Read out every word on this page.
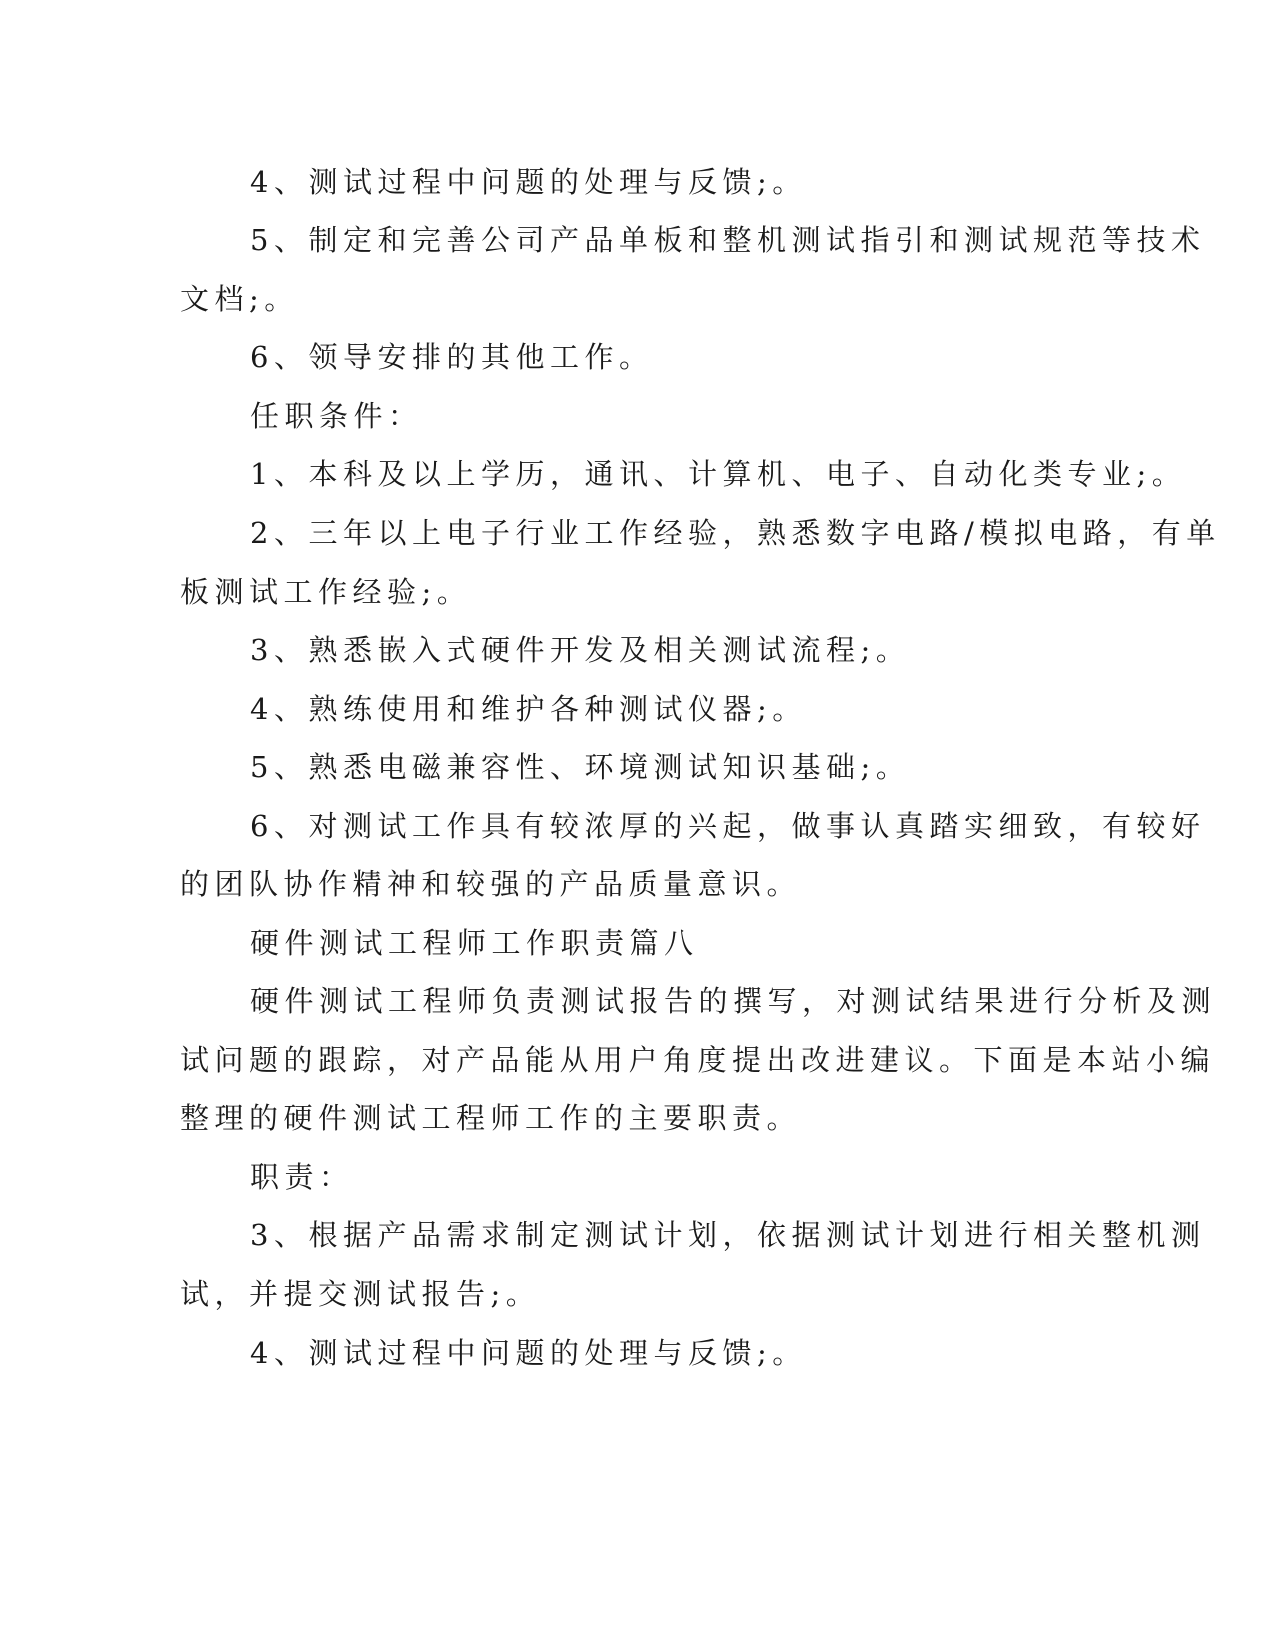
4、测试过程中问题的处理与反馈;。
5、制定和完善公司产品单板和整机测试指引和测试规范等技术
文档;。
6、领导安排的其他工作。
任职条件：
1、本科及以上学历，通讯、计算机、电子、自动化类专业;。
2、三年以上电子行业工作经验，熟悉数字电路/模拟电路，有单
板测试工作经验;。
3、熟悉嵌入式硬件开发及相关测试流程;。
4、熟练使用和维护各种测试仪器;。
5、熟悉电磁兼容性、环境测试知识基础;。
6、对测试工作具有较浓厚的兴起，做事认真踏实细致，有较好
的团队协作精神和较强的产品质量意识。
硬件测试工程师工作职责篇八
硬件测试工程师负责测试报告的撰写，对测试结果进行分析及测
试问题的跟踪，对产品能从用户角度提出改进建议。下面是本站小编
整理的硬件测试工程师工作的主要职责。
职责：
3、根据产品需求制定测试计划，依据测试计划进行相关整机测
试，并提交测试报告;。
4、测试过程中问题的处理与反馈;。
